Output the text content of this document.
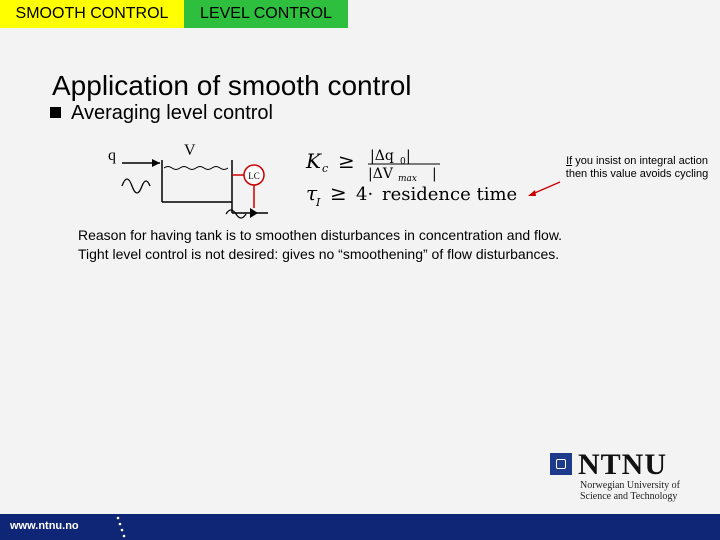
SMOOTH CONTROL	LEVEL CONTROL
Application of smooth control
Averaging level control
LC
q	V	K c ≥ |Δq 0 |
|ΔV max |
τ
I ≥ 4· residence time
If you insist on integral action then this value avoids cycling
Reason for having tank is to smoothen disturbances in concentration and flow.
Tight level control is not desired: gives no “smoothening” of flow disturbances.
NTNU
Norwegian University of
Science and Technology
www.ntnu.no
